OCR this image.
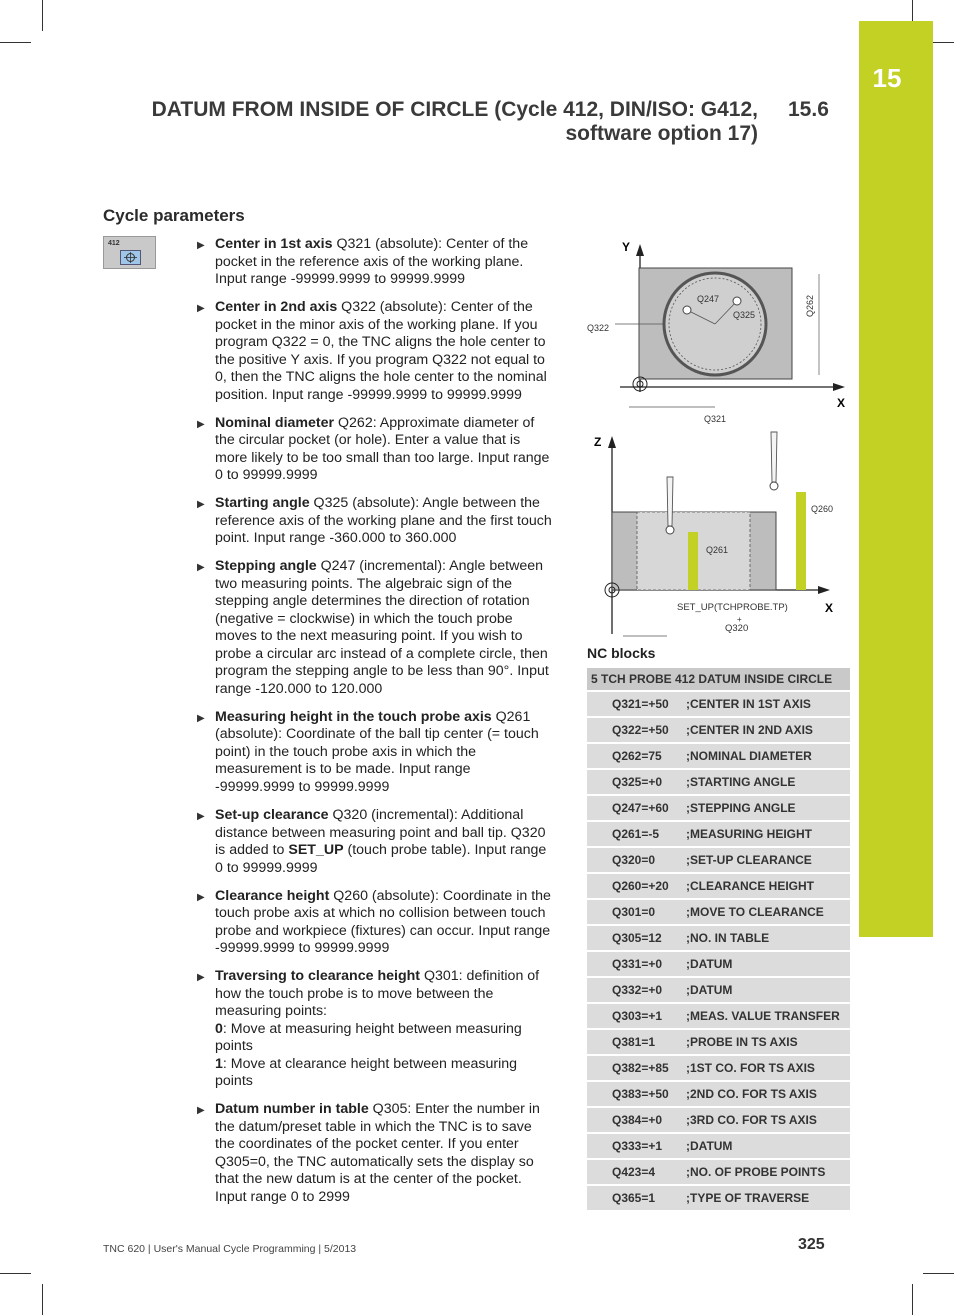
15
DATUM FROM INSIDE OF CIRCLE (Cycle 412, DIN/ISO: G412,
software option 17)
15.6
Cycle parameters
412	▶ Center in 1st axis Q321 (absolute): Center of the pocket in the reference axis of the working plane. Input range -99999.9999 to 99999.9999
▶ Center in 2nd axis Q322 (absolute): Center of the pocket in the minor axis of the working plane. If you program Q322 = 0, the TNC aligns the hole center to the positive Y axis. If you program Q322 not equal to 0, then the TNC aligns the hole center to the nominal position. Input range -99999.9999 to 99999.9999
▶ Nominal diameter Q262: Approximate diameter of the circular pocket (or hole). Enter a value that is more likely to be too small than too large. Input range 0 to 99999.9999
▶ Starting angle Q325 (absolute): Angle between the reference axis of the working plane and the first touch point. Input range -360.000 to 360.000
▶ Stepping angle Q247 (incremental): Angle between two measuring points. The algebraic sign of the stepping angle determines the direction of rotation (negative = clockwise) in which the touch probe moves to the next measuring point. If you wish to probe a circular arc instead of a complete circle, then program the stepping angle to be less than 90°. Input range -120.000 to 120.000
▶ Measuring height in the touch probe axis Q261 (absolute): Coordinate of the ball tip center (= touch point) in the touch probe axis in which the measurement is to be made. Input range -99999.9999 to 99999.9999
▶ Set-up clearance Q320 (incremental): Additional distance between measuring point and ball tip. Q320 is added to SET_UP (touch probe table). Input range 0 to 99999.9999
▶ Clearance height Q260 (absolute): Coordinate in the touch probe axis at which no collision between touch probe and workpiece (fixtures) can occur. Input range -99999.9999 to 99999.9999
▶ Traversing to clearance height Q301: definition of how the touch probe is to move between the measuring points:
0: Move at measuring height between measuring points
1: Move at clearance height between measuring points
▶ Datum number in table Q305: Enter the number in the datum/preset table in which the TNC is to save the coordinates of the pocket center. If you enter Q305=0, the TNC automatically sets the display so that the new datum is at the center of the pocket. Input range 0 to 2999
Y
X
Q247
Q325
Q322
Q262
Q321
Z
X
Q260
Q261
SET_UP(TCHPROBE.TP)
+
Q320
NC blocks
5 TCH PROBE 412 DATUM INSIDE CIRCLE	
Q321=+50	;CENTER IN 1ST AXIS
Q322=+50	;CENTER IN 2ND AXIS
Q262=75	;NOMINAL DIAMETER
Q325=+0	;STARTING ANGLE
Q247=+60	;STEPPING ANGLE
Q261=-5	;MEASURING HEIGHT
Q320=0	;SET-UP CLEARANCE
Q260=+20	;CLEARANCE HEIGHT
Q301=0	;MOVE TO CLEARANCE
Q305=12	;NO. IN TABLE
Q331=+0	;DATUM
Q332=+0	;DATUM
Q303=+1	;MEAS. VALUE TRANSFER
Q381=1	;PROBE IN TS AXIS
Q382=+85	;1ST CO. FOR TS AXIS
Q383=+50	;2ND CO. FOR TS AXIS
Q384=+0	;3RD CO. FOR TS AXIS
Q333=+1	;DATUM
Q423=4	;NO. OF PROBE POINTS
Q365=1	;TYPE OF TRAVERSE
TNC 620 | User's Manual Cycle Programming | 5/2013	325
